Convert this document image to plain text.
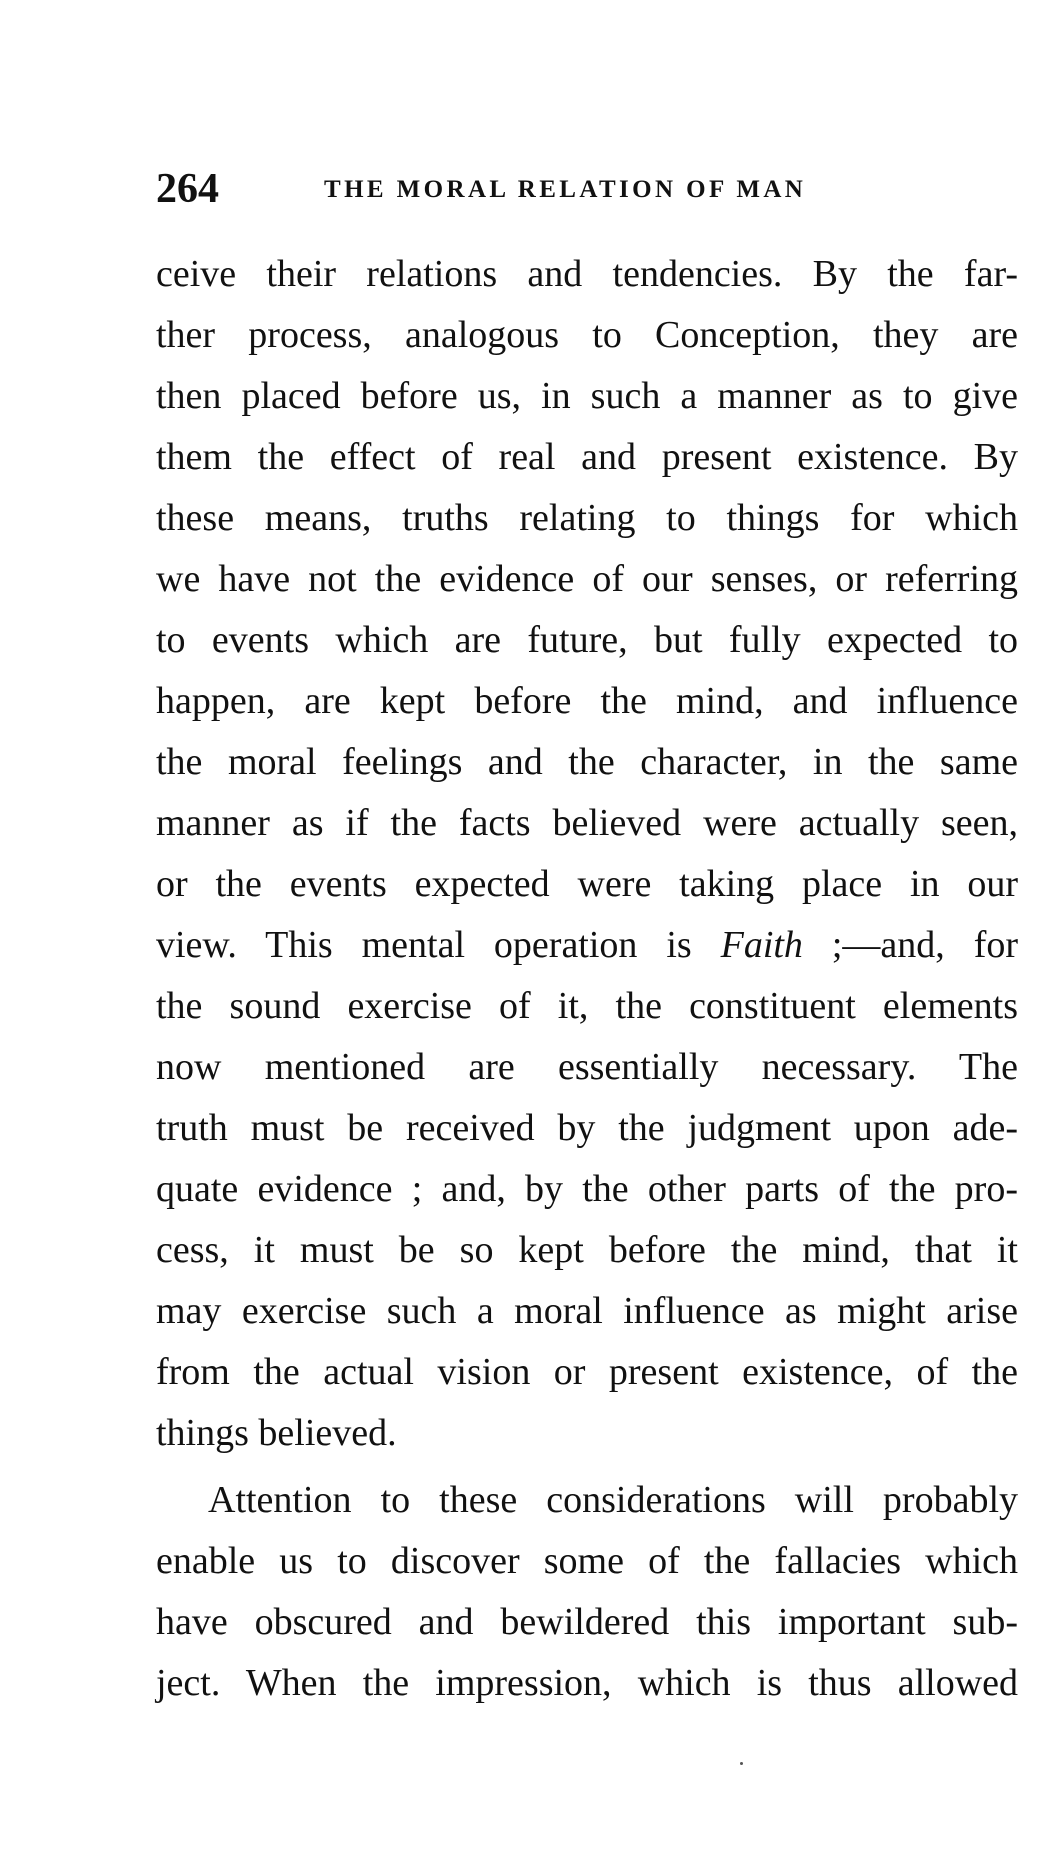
264	THE MORAL RELATION OF MAN
ceive their relations and tendencies. By the far-
ther process, analogous to Conception, they are
then placed before us, in such a manner as to give
them the effect of real and present existence. By
these means, truths relating to things for which
we have not the evidence of our senses, or referring
to events which are future, but fully expected to
happen, are kept before the mind, and influence
the moral feelings and the character, in the same
manner as if the facts believed were actually seen,
or the events expected were taking place in our
view. This mental operation is Faith ;—and, for
the sound exercise of it, the constituent elements
now mentioned are essentially necessary. The
truth must be received by the judgment upon ade-
quate evidence ; and, by the other parts of the pro-
cess, it must be so kept before the mind, that it
may exercise such a moral influence as might arise
from the actual vision or present existence, of the
things believed.
Attention to these considerations will probably
enable us to discover some of the fallacies which
have obscured and bewildered this important sub-
ject. When the impression, which is thus allowed
